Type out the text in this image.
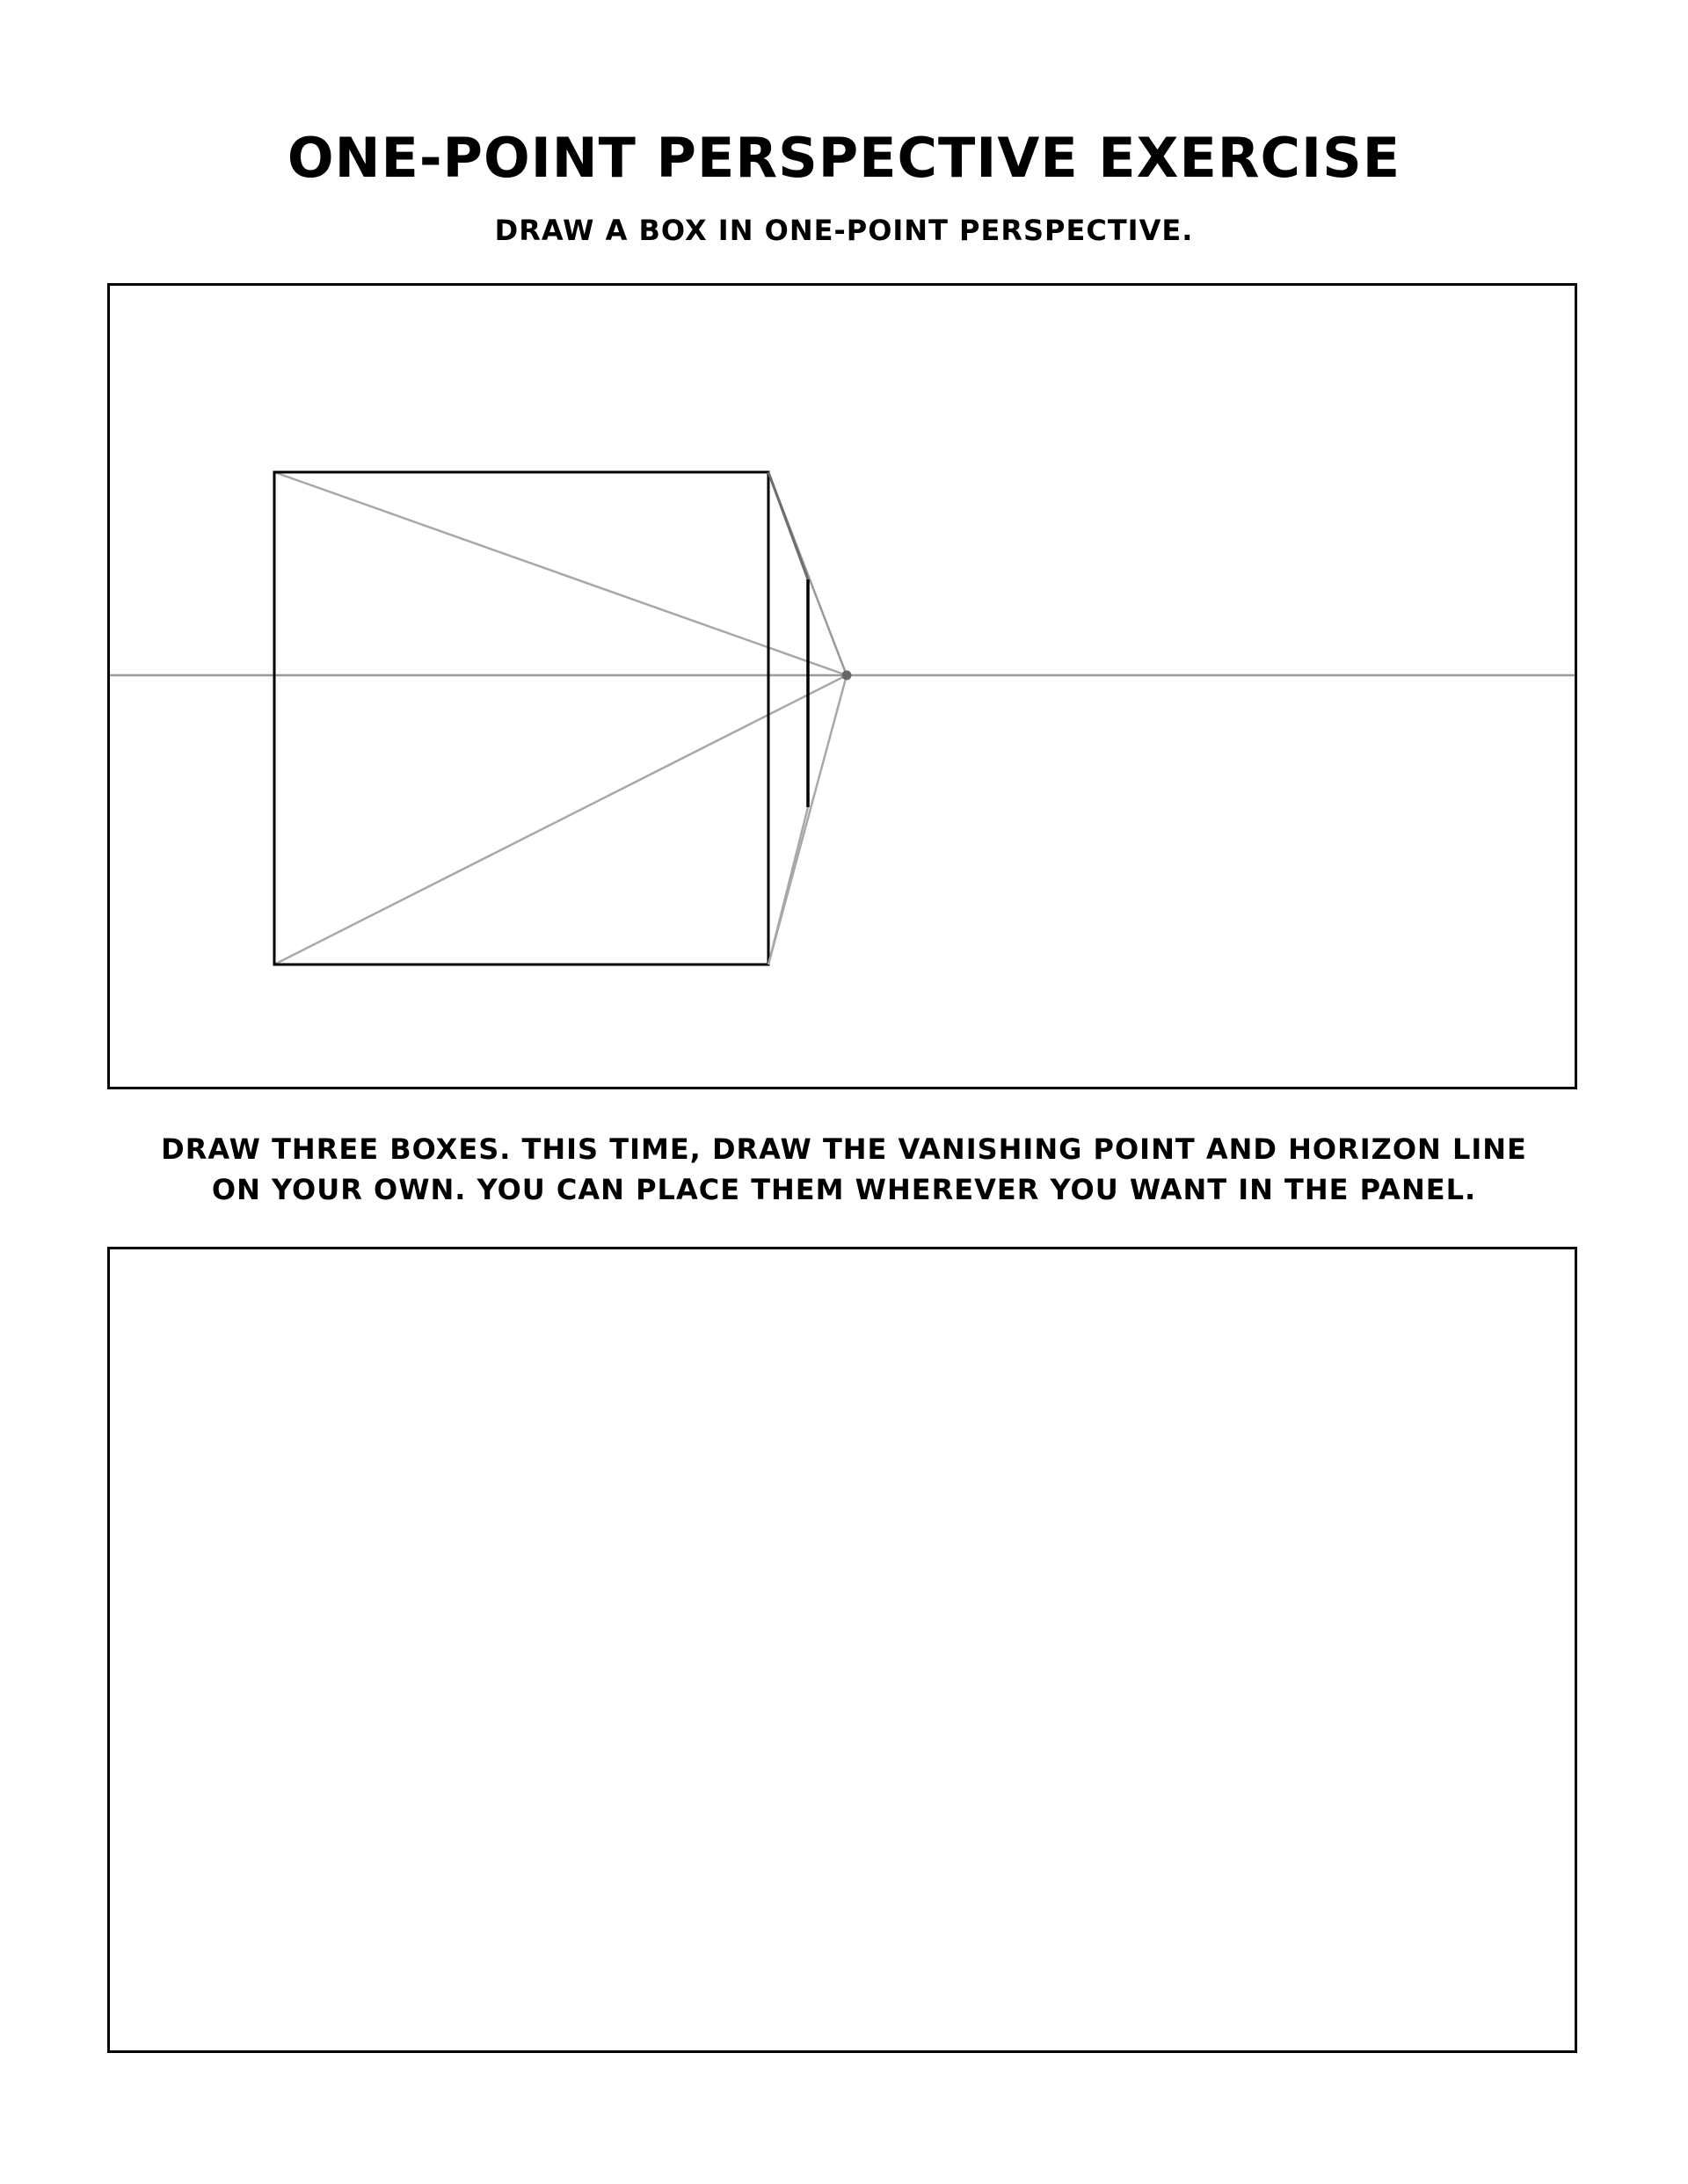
ONE-POINT PERSPECTIVE EXERCISE
DRAW A BOX IN ONE-POINT PERSPECTIVE.
DRAW THREE BOXES. THIS TIME, DRAW THE VANISHING POINT AND HORIZON LINE
ON YOUR OWN. YOU CAN PLACE THEM WHEREVER YOU WANT IN THE PANEL.
